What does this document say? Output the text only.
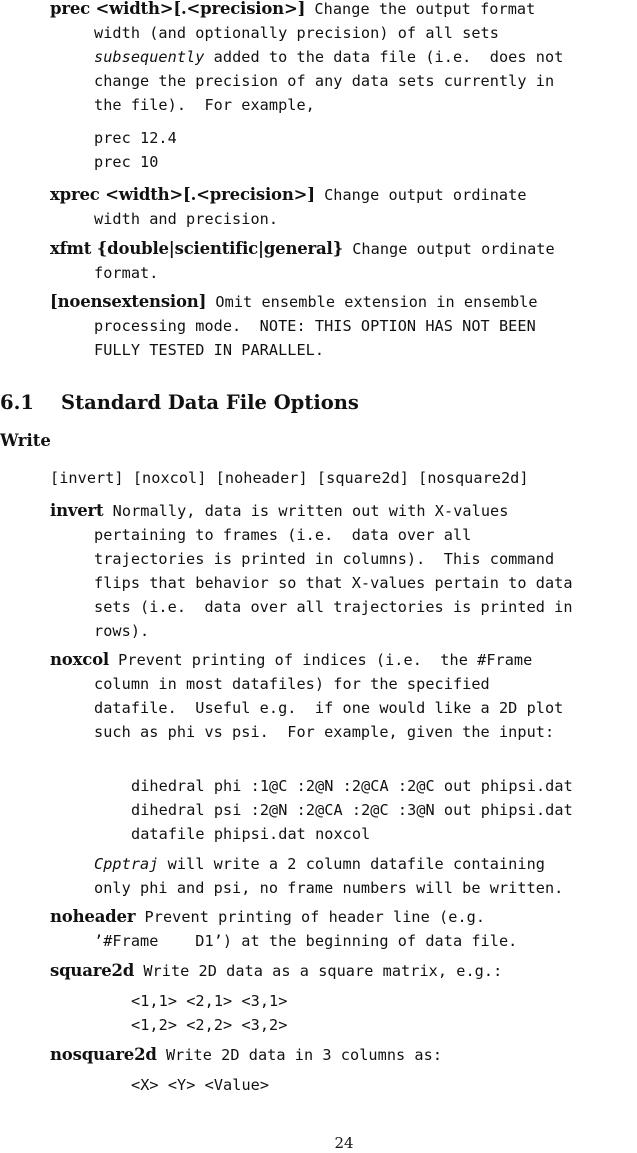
prec <width>[.<precision>] Change the output format
width (and optionally precision) of all sets
subsequently added to the data file (i.e.  does not
change the precision of any data sets currently in
the file).  For example,
prec 12.4
prec 10
xprec <width>[.<precision>] Change output ordinate
width and precision.
xfmt {double|scientific|general} Change output ordinate
format.
[noensextension] Omit ensemble extension in ensemble
processing mode.  NOTE: THIS OPTION HAS NOT BEEN
FULLY TESTED IN PARALLEL.
6.1 Standard Data File Options
Write
[invert] [noxcol] [noheader] [square2d] [nosquare2d]
invert Normally, data is written out with X-values
pertaining to frames (i.e.  data over all
trajectories is printed in columns).  This command
flips that behavior so that X-values pertain to data
sets (i.e.  data over all trajectories is printed in
rows).
noxcol Prevent printing of indices (i.e.  the #Frame
column in most datafiles) for the specified
datafile.  Useful e.g.  if one would like a 2D plot
such as phi vs psi.  For example, given the input:
dihedral phi :1@C :2@N :2@CA :2@C out phipsi.dat
dihedral psi :2@N :2@CA :2@C :3@N out phipsi.dat
datafile phipsi.dat noxcol
Cpptraj will write a 2 column datafile containing
only phi and psi, no frame numbers will be written.
noheader Prevent printing of header line (e.g.
’#Frame    D1’) at the beginning of data file.
square2d Write 2D data as a square matrix, e.g.:
<1,1> <2,1> <3,1>
<1,2> <2,2> <3,2>
nosquare2d Write 2D data in 3 columns as:
<X> <Y> <Value>
24
